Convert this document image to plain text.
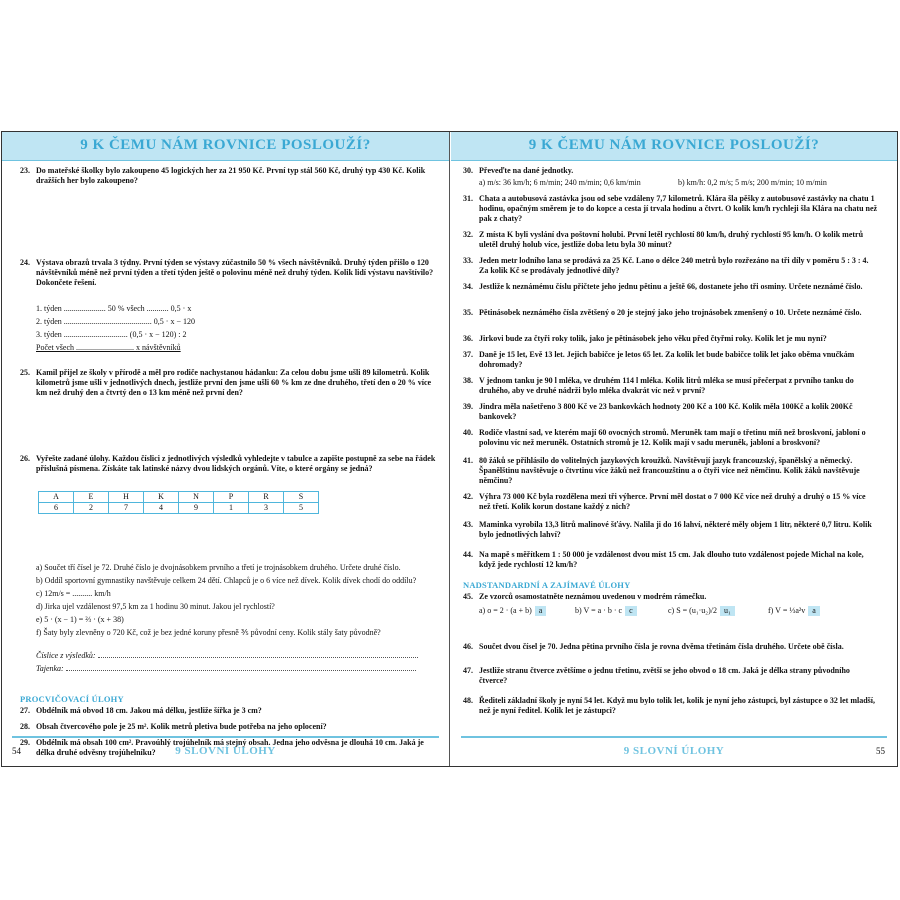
9 K ČEMU NÁM ROVNICE POSLOUŽÍ?
23. Do mateřské školky bylo zakoupeno 45 logických her za 21 950 Kč. První typ stál 560 Kč, druhý typ 430 Kč. Kolik dražších her bylo zakoupeno?
24. Výstava obrazů trvala 3 týdny. První týden se výstavy zúčastnilo 50 % všech návštěvníků. Druhý týden přišlo o 120 návštěvníků méně než první týden a třetí týden ještě o polovinu méně než druhý týden. Kolik lidí výstavu navštívilo? Dokončete řešení.
1. týden ..................... 50 % všech ........... 0,5 · x
2. týden ............................................ 0,5 · x − 120
3. týden ................................ (0,5 · x − 120) : 2
Počet všech ............................. x návštěvníků
25. Kamil přijel ze školy v přírodě a měl pro rodiče nachystanou hádanku: Za celou dobu jsme ušli 89 kilometrů. Kolik kilometrů jsme ušli v jednotlivých dnech, jestliže první den jsme ušli 60 % km ze dne druhého, třetí den o 20 % více km než druhý den a čtvrtý den o 13 km méně než první den?
26. Vyřešte zadané úlohy. Každou číslici z jednotlivých výsledků vyhledejte v tabulce a zapište postupně za sebe na řádek příslušná písmena. Získáte tak latinské názvy dvou lidských orgánů. Víte, o které orgány se jedná?
A	E	H	K	N	P	R	S
6	2	7	4	9	1	3	5
a) Součet tří čísel je 72. Druhé číslo je dvojnásobkem prvního a třetí je trojnásobkem druhého. Určete druhé číslo.
b) Oddíl sportovní gymnastiky navštěvuje celkem 24 dětí. Chlapců je o 6 více než dívek. Kolik dívek chodí do oddílu?
c) 12m/s = .......... km/h
d) Jirka ujel vzdálenost 97,5 km za 1 hodinu 30 minut. Jakou jel rychlostí?
e) 5 · (x − 1) = ⅔ · (x + 38)
f) Šaty byly zlevněny o 720 Kč, což je bez jedné koruny přesně ⅗ původní ceny. Kolik stály šaty původně?
Číslice z výsledků:
Tajenka:
PROCVIČOVACÍ ÚLOHY
27. Obdélník má obvod 18 cm. Jakou má délku, jestliže šířka je 3 cm?
28. Obsah čtvercového pole je 25 m². Kolik metrů pletiva bude potřeba na jeho oplocení?
29. Obdélník má obsah 100 cm². Pravoúhlý trojúhelník má stejný obsah. Jedna jeho odvěsna je dlouhá 10 cm. Jaká je délka druhé odvěsny trojúhelníku?
54	9 SLOVNÍ ÚLOHY
9 K ČEMU NÁM ROVNICE POSLOUŽÍ?
30. Převeďte na dané jednotky.
a) m/s: 36 km/h; 6 m/min; 240 m/min; 0,6 km/min	b) km/h: 0,2 m/s; 5 m/s; 200 m/min; 10 m/min
31. Chata a autobusová zastávka jsou od sebe vzdáleny 7,7 kilometrů. Klára šla pěšky z autobusové zastávky na chatu 1 hodinu, opačným směrem je to do kopce a cesta jí trvala hodinu a čtvrt. O kolik km/h rychleji šla Klára na chatu než pak z chaty?
32. Z místa K byli vyslání dva poštovní holubi. První letěl rychlostí 80 km/h, druhý rychlostí 95 km/h. O kolik metrů uletěl druhý holub více, jestliže doba letu byla 30 minut?
33. Jeden metr lodního lana se prodává za 25 Kč. Lano o délce 240 metrů bylo rozřezáno na tři díly v poměru 5 : 3 : 4. Za kolik Kč se prodávaly jednotlivé díly?
34. Jestliže k neznámému číslu přičtete jeho jednu pětinu a ještě 66, dostanete jeho tři osminy. Určete neznámé číslo.
35. Pětinásobek neznámého čísla zvětšený o 20 je stejný jako jeho trojnásobek zmenšený o 10. Určete neznámé číslo.
36. Jirkovi bude za čtyři roky tolik, jako je pětinásobek jeho věku před čtyřmi roky. Kolik let je mu nyní?
37. Daně je 15 let, Evě 13 let. Jejich babičce je letos 65 let. Za kolik let bude babičce tolik let jako oběma vnučkám dohromady?
38. V jednom tanku je 90 l mléka, ve druhém 114 l mléka. Kolik litrů mléka se musí přečerpat z prvního tanku do druhého, aby ve druhé nádrži bylo mléka dvakrát víc než v první?
39. Jindra měla našetřeno 3 800 Kč ve 23 bankovkách hodnoty 200 Kč a 100 Kč. Kolik měla 100Kč a kolik 200Kč bankovek?
40. Rodiče vlastní sad, ve kterém mají 60 ovocných stromů. Meruněk tam mají o třetinu míň než broskvoní, jabloní o polovinu víc než meruněk. Ostatních stromů je 12. Kolik mají v sadu meruněk, jabloní a broskvoní?
41. 80 žáků se přihlásilo do volitelných jazykových kroužků. Navštěvují jazyk francouzský, španělský a německý. Španělštinu navštěvuje o čtvrtinu více žáků než francouzštinu a o čtyři více než němčinu. Kolik žáků navštěvuje němčinu?
42. Výhra 73 000 Kč byla rozdělena mezi tři výherce. První měl dostat o 7 000 Kč více než druhý a druhý o 15 % více než třetí. Kolik korun dostane každý z nich?
43. Maminka vyrobila 13,3 litrů malinové šťávy. Nalila ji do 16 lahví, některé měly objem 1 litr, některé 0,7 litru. Kolik bylo jednotlivých lahví?
44. Na mapě s měřítkem 1 : 50 000 je vzdálenost dvou míst 15 cm. Jak dlouho tuto vzdálenost pojede Michal na kole, když jede rychlostí 12 km/h?
NADSTANDARDNÍ A ZAJÍMAVÉ ÚLOHY
45. Ze vzorců osamostatněte neznámou uvedenou v modrém rámečku.
a) o = 2 · (a + b) a	b) V = a · b · c c	c) S = (u₁·u₂)/2 u₁	f) V = ⅓a²v a
46. Součet dvou čísel je 70. Jedna pětina prvního čísla je rovna dvěma třetinám čísla druhého. Určete obě čísla.
47. Jestliže stranu čtverce zvětšíme o jednu třetinu, zvětší se jeho obvod o 18 cm. Jaká je délka strany původního čtverce?
48. Řediteli základní školy je nyní 54 let. Když mu bylo tolik let, kolik je nyní jeho zástupci, byl zástupce o 32 let mladší, než je nyní ředitel. Kolik let je zástupci?
9 SLOVNÍ ÚLOHY	55
